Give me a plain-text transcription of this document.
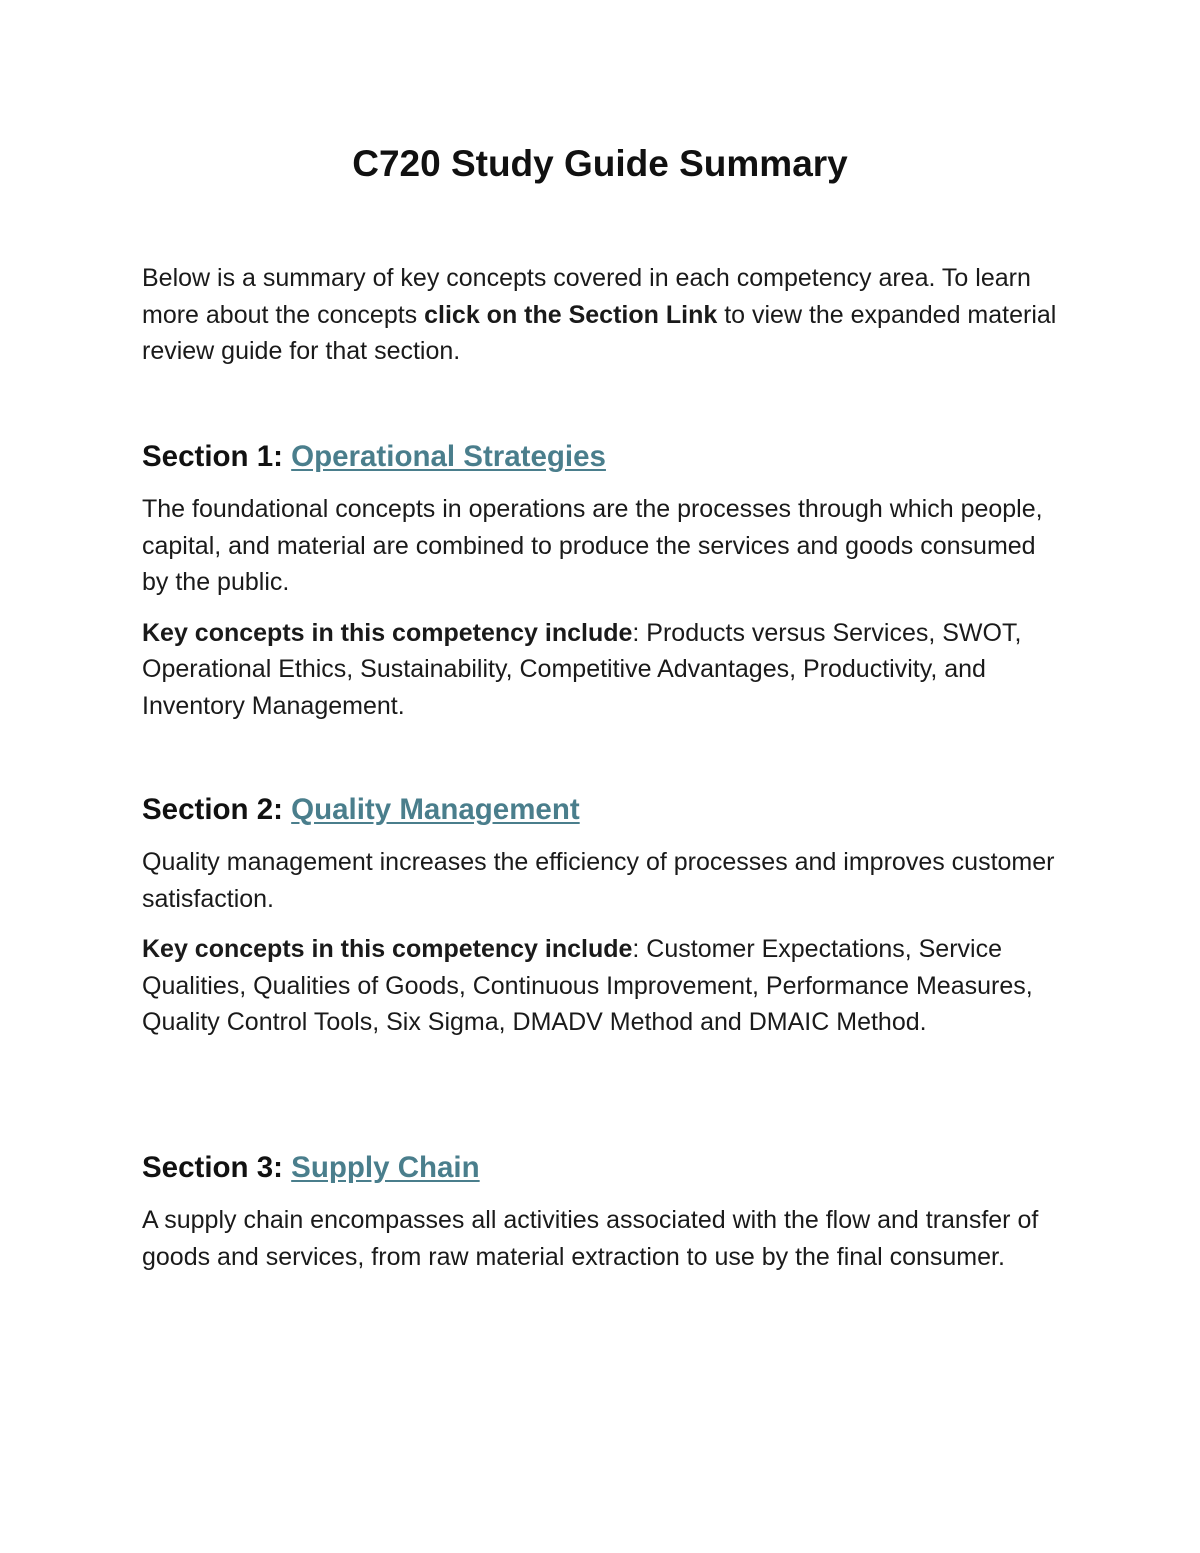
C720 Study Guide Summary

Below is a summary of key concepts covered in each competency area. To learn more about the concepts click on the Section Link to view the expanded material review guide for that section.

Section 1: Operational Strategies

The foundational concepts in operations are the processes through which people, capital, and material are combined to produce the services and goods consumed by the public.

Key concepts in this competency include: Products versus Services, SWOT, Operational Ethics, Sustainability, Competitive Advantages, Productivity, and Inventory Management.

Section 2: Quality Management

Quality management increases the efficiency of processes and improves customer satisfaction.

Key concepts in this competency include: Customer Expectations, Service Qualities, Qualities of Goods, Continuous Improvement, Performance Measures, Quality Control Tools, Six Sigma, DMADV Method and DMAIC Method.

Section 3: Supply Chain

A supply chain encompasses all activities associated with the flow and transfer of goods and services, from raw material extraction to use by the final consumer.
